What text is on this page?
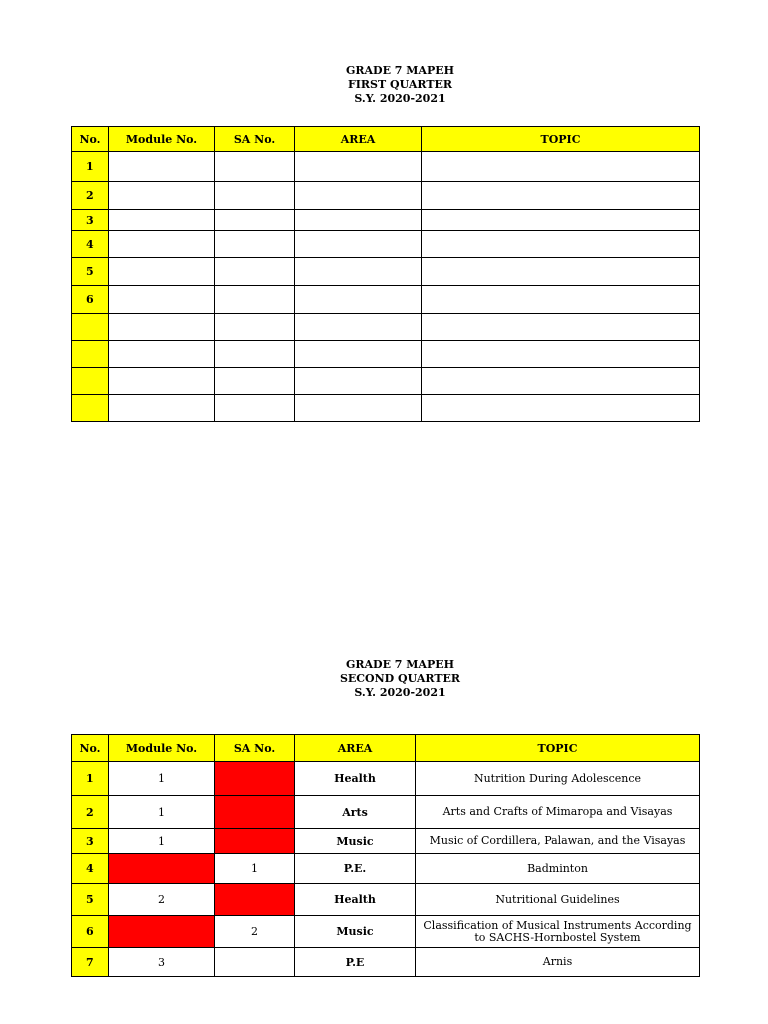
GRADE 7 MAPEH
FIRST QUARTER
S.Y. 2020-2021
No.	Module No.	SA No.	AREA	TOPIC
1				
2				
3				
4				
5				
6				

GRADE 7 MAPEH
SECOND QUARTER
S.Y. 2020-2021
No.	Module No.	SA No.	AREA	TOPIC
1	1		Health	Nutrition During Adolescence
2	1		Arts	Arts and Crafts of Mimaropa and Visayas
3	1		Music	Music of Cordillera, Palawan, and the Visayas
4		1	P.E.	Badminton
5	2		Health	Nutritional Guidelines
6		2	Music	Classification of Musical Instruments According to SACHS-Hornbostel System
7	3		P.E	Arnis
